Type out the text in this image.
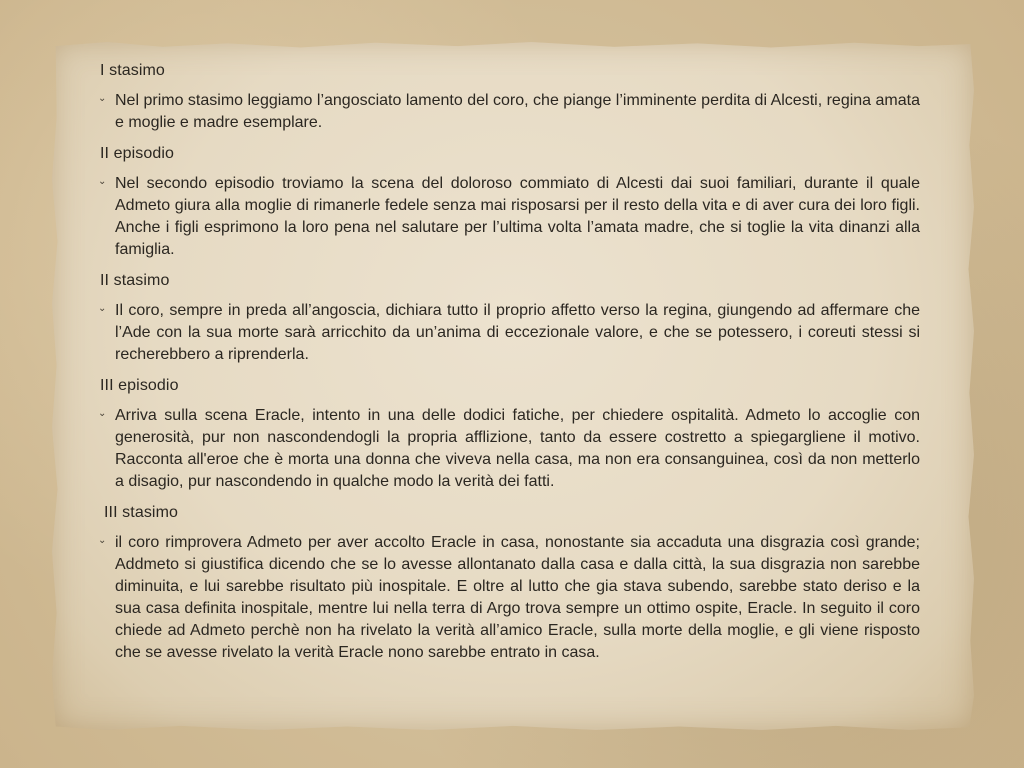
I stasimo
⌄ Nel primo stasimo leggiamo l’angosciato lamento del coro, che piange l’imminente perdita di Alcesti, regina amata e moglie e madre esemplare.
II episodio
⌄ Nel secondo episodio troviamo la scena del doloroso commiato di Alcesti dai suoi familiari, durante il quale Admeto giura alla moglie di rimanerle fedele senza mai risposarsi per il resto della vita e di aver cura dei loro figli. Anche i figli esprimono la loro pena nel salutare per l’ultima volta l’amata madre, che si toglie la vita dinanzi alla famiglia.
II stasimo
⌄ Il coro, sempre in preda all’angoscia, dichiara tutto il proprio affetto verso la regina, giungendo ad affermare che l’Ade con la sua morte sarà arricchito da un’anima di eccezionale valore, e che se potessero, i coreuti stessi si recherebbero a riprenderla.
III episodio
⌄ Arriva sulla scena Eracle, intento in una delle dodici fatiche, per chiedere ospitalità. Admeto lo accoglie con generosità, pur non nascondendogli la propria afflizione, tanto da essere costretto a spiegargliene il motivo. Racconta all'eroe che è morta una donna che viveva nella casa, ma non era consanguinea, così da non metterlo a disagio, pur nascondendo in qualche modo la verità dei fatti.
III stasimo
⌄ il coro rimprovera Admeto per aver accolto Eracle in casa, nonostante sia accaduta una disgrazia così grande; Addmeto si giustifica dicendo che se lo avesse allontanato dalla casa e dalla città, la sua disgrazia non sarebbe diminuita, e lui sarebbe risultato più inospitale. E oltre al lutto che gia stava subendo, sarebbe stato deriso e la sua casa definita inospitale, mentre lui nella terra di Argo trova sempre un ottimo ospite, Eracle. In seguito il coro chiede ad Admeto perchè non ha rivelato la verità all’amico Eracle, sulla morte della moglie, e gli viene risposto che se avesse rivelato la verità Eracle nono sarebbe entrato in casa.
